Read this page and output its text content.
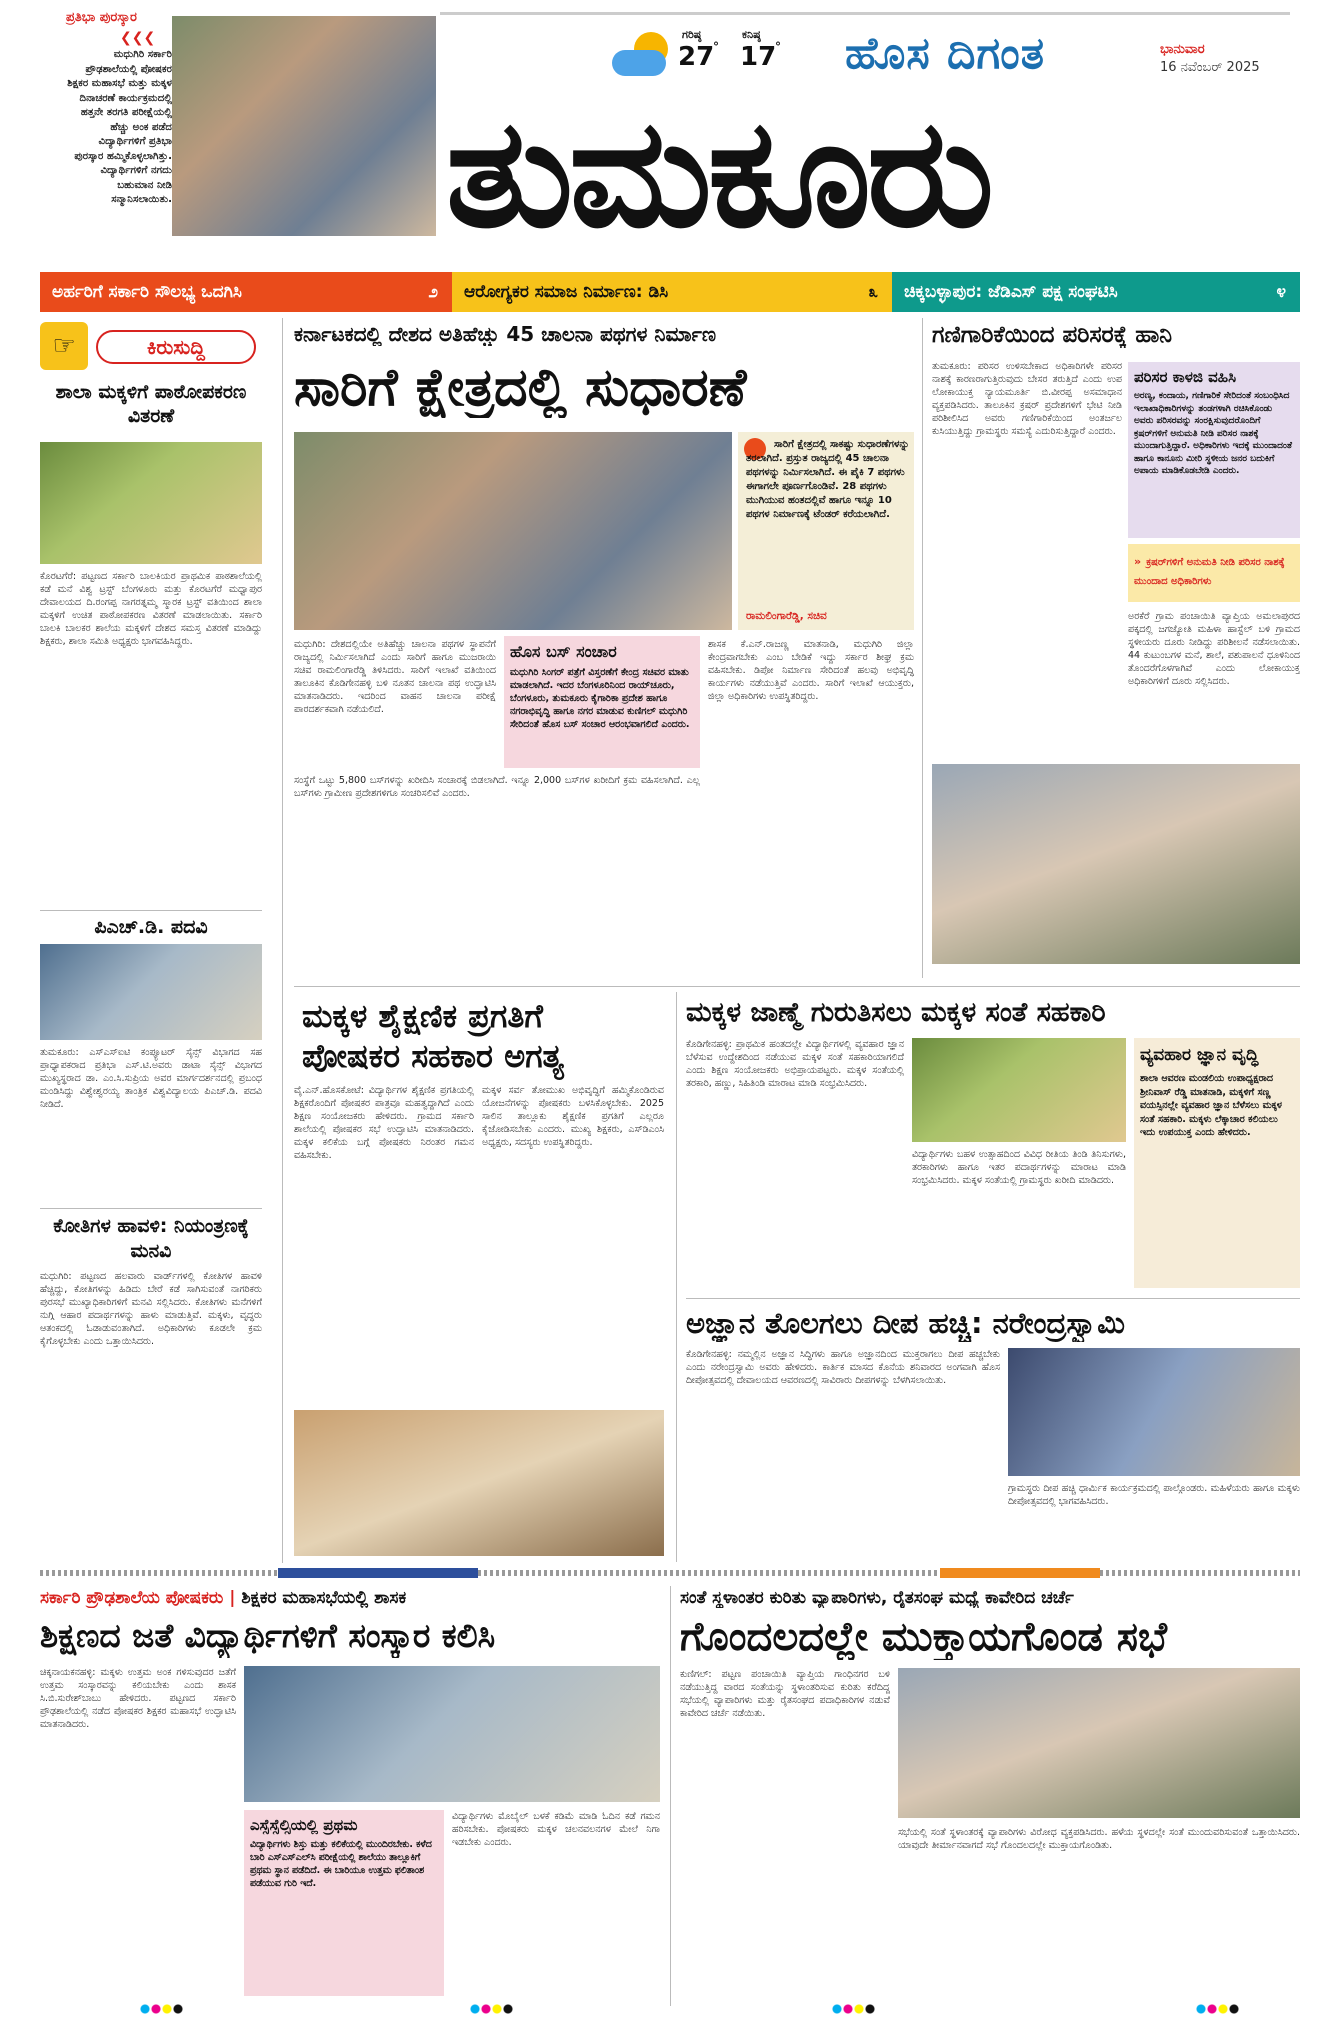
ಪ್ರತಿಭಾ ಪುರಸ್ಕಾರ
❮❮❮
ಮಧುಗಿರಿ ಸರ್ಕಾರಿ ಪ್ರೌಢಶಾಲೆಯಲ್ಲಿ ಪೋಷಕರ ಶಿಕ್ಷಕರ ಮಹಾಸಭೆ ಮತ್ತು ಮಕ್ಕಳ ದಿನಾಚರಣೆ ಕಾರ್ಯಕ್ರಮದಲ್ಲಿ ಹತ್ತನೇ ತರಗತಿ ಪರೀಕ್ಷೆಯಲ್ಲಿ ಹೆಚ್ಚು ಅಂಕ ಪಡೆದ ವಿದ್ಯಾರ್ಥಿಗಳಿಗೆ ಪ್ರತಿಭಾ ಪುರಸ್ಕಾರ ಹಮ್ಮಿಕೊಳ್ಳಲಾಗಿತ್ತು. ವಿದ್ಯಾರ್ಥಿಗಳಿಗೆ ನಗದು ಬಹುಮಾನ ನೀಡಿ ಸನ್ಮಾನಿಸಲಾಯಿತು.
ಗರಿಷ್ಠ
27
°
ಕನಿಷ್ಠ
17
° ಹೊಸ ದಿಗಂತ	ಭಾನುವಾರ
16 ನವೆಂಬರ್ 2025
ತುಮಕೂರು
ಅರ್ಹರಿಗೆ ಸರ್ಕಾರಿ ಸೌಲಭ್ಯ ಒದಗಿಸಿ	೨ ಆರೋಗ್ಯಕರ ಸಮಾಜ ನಿರ್ಮಾಣ: ಡಿಸಿ	೩ ಚಿಕ್ಕಬಳ್ಳಾಪುರ: ಜೆಡಿಎಸ್ ಪಕ್ಷ ಸಂಘಟಿಸಿ	೪
☞	ಕಿರುಸುದ್ದಿ
ಶಾಲಾ ಮಕ್ಕಳಿಗೆ ಪಾಠೋಪಕರಣ ವಿತರಣೆ
ಕೊರಟಗೆರೆ: ಪಟ್ಟಣದ ಸರ್ಕಾರಿ ಬಾಲಕಿಯರ ಪ್ರಾಥಮಿಕ ಪಾಠಶಾಲೆಯಲ್ಲಿ ಕಡೆ ಮನೆ ವಿಶ್ವ ಟ್ರಸ್ಟ್ ಬೆಂಗಳೂರು ಮತ್ತು ಕೊರಟಗೆರೆ ಮಧ್ವಾಪುರ ದೇವಾಲಯದ ದಿ.ರಂಗಪ್ಪ ನಾಗರತ್ನಮ್ಮ ಸ್ಮಾರಕ ಟ್ರಸ್ಟ್ ವತಿಯಿಂದ ಶಾಲಾ ಮಕ್ಕಳಿಗೆ ಉಚಿತ ಪಾಠೋಪಕರಣ ವಿತರಣೆ ಮಾಡಲಾಯಿತು. ಸರ್ಕಾರಿ ಬಾಲಕಿ ಬಾಲಕರ ಶಾಲೆಯ ಮಕ್ಕಳಿಗೆ ದೇಶದ ಸಮಸ್ತ ವಿತರಣೆ ಮಾಡಿದ್ದು ಶಿಕ್ಷಕರು, ಶಾಲಾ ಸಮಿತಿ ಅಧ್ಯಕ್ಷರು ಭಾಗವಹಿಸಿದ್ದರು.
ಪಿಎಚ್.ಡಿ. ಪದವಿ
ತುಮಕೂರು: ಎಸ್‌ಎಸ್‌ಐಟಿ ಕಂಪ್ಯೂಟರ್ ಸೈನ್ಸ್ ವಿಭಾಗದ ಸಹ ಪ್ರಾಧ್ಯಾಪಕರಾದ ಪ್ರತಿಭಾ ಎಸ್.ಟಿ.ಅವರು ಡಾಟಾ ಸೈನ್ಸ್ ವಿಭಾಗದ ಮುಖ್ಯಸ್ಥರಾದ ಡಾ. ಎಂ.ಸಿ.ಸುಪ್ರಿಯ ಅವರ ಮಾರ್ಗದರ್ಶನದಲ್ಲಿ ಪ್ರಬಂಧ ಮಂಡಿಸಿದ್ದು ವಿಶ್ವೇಶ್ವರಯ್ಯ ತಾಂತ್ರಿಕ ವಿಶ್ವವಿದ್ಯಾಲಯ ಪಿಎಚ್.ಡಿ. ಪದವಿ ನೀಡಿದೆ.
ಕೋತಿಗಳ ಹಾವಳಿ: ನಿಯಂತ್ರಣಕ್ಕೆ ಮನವಿ
ಮಧುಗಿರಿ: ಪಟ್ಟಣದ ಹಲವಾರು ವಾರ್ಡ್‌ಗಳಲ್ಲಿ ಕೋತಿಗಳ ಹಾವಳಿ ಹೆಚ್ಚಿದ್ದು, ಕೋತಿಗಳನ್ನು ಹಿಡಿದು ಬೇರೆ ಕಡೆ ಸಾಗಿಸುವಂತೆ ನಾಗರಿಕರು ಪುರಸಭೆ ಮುಖ್ಯಾಧಿಕಾರಿಗಳಿಗೆ ಮನವಿ ಸಲ್ಲಿಸಿದರು. ಕೋತಿಗಳು ಮನೆಗಳಿಗೆ ನುಗ್ಗಿ ಆಹಾರ ಪದಾರ್ಥಗಳನ್ನು ಹಾಳು ಮಾಡುತ್ತಿವೆ. ಮಕ್ಕಳು, ವೃದ್ಧರು ಆತಂಕದಲ್ಲಿ ಓಡಾಡುವಂತಾಗಿದೆ. ಅಧಿಕಾರಿಗಳು ಕೂಡಲೇ ಕ್ರಮ ಕೈಗೊಳ್ಳಬೇಕು ಎಂದು ಒತ್ತಾಯಿಸಿದರು.
ಕರ್ನಾಟಕದಲ್ಲಿ ದೇಶದ ಅತಿಹೆಚ್ಚು 45 ಚಾಲನಾ ಪಥಗಳ ನಿರ್ಮಾಣ
ಸಾರಿಗೆ ಕ್ಷೇತ್ರದಲ್ಲಿ ಸುಧಾರಣೆ
ಸಾರಿಗೆ ಕ್ಷೇತ್ರದಲ್ಲಿ ಸಾಕಷ್ಟು ಸುಧಾರಣೆಗಳನ್ನು ತರಲಾಗಿದೆ. ಪ್ರಸ್ತುತ ರಾಜ್ಯದಲ್ಲಿ 45 ಚಾಲನಾ ಪಥಗಳನ್ನು ನಿರ್ಮಿಸಲಾಗಿದೆ. ಈ ಪೈಕಿ 7 ಪಥಗಳು ಈಗಾಗಲೇ ಪೂರ್ಣಗೊಂಡಿವೆ. 28 ಪಥಗಳು ಮುಗಿಯುವ ಹಂತದಲ್ಲಿವೆ ಹಾಗೂ ಇನ್ನೂ 10 ಪಥಗಳ ನಿರ್ಮಾಣಕ್ಕೆ ಟೆಂಡರ್ ಕರೆಯಲಾಗಿದೆ.
ರಾಮಲಿಂಗಾರೆಡ್ಡಿ, ಸಚಿವ
ಮಧುಗಿರಿ: ದೇಶದಲ್ಲಿಯೇ ಅತಿಹೆಚ್ಚು ಚಾಲನಾ ಪಥಗಳ ಸ್ಥಾಪನೆಗೆ ರಾಜ್ಯದಲ್ಲಿ ನಿರ್ಮಿಸಲಾಗಿದೆ ಎಂದು ಸಾರಿಗೆ ಹಾಗೂ ಮುಜರಾಯಿ ಸಚಿವ ರಾಮಲಿಂಗಾರೆಡ್ಡಿ ತಿಳಿಸಿದರು. ಸಾರಿಗೆ ಇಲಾಖೆ ವತಿಯಿಂದ ತಾಲೂಕಿನ ಕೊಡಿಗೇನಹಳ್ಳಿ ಬಳಿ ನೂತನ ಚಾಲನಾ ಪಥ ಉದ್ಘಾಟಿಸಿ ಮಾತನಾಡಿದರು. ಇದರಿಂದ ವಾಹನ ಚಾಲನಾ ಪರೀಕ್ಷೆ ಪಾರದರ್ಶಕವಾಗಿ ನಡೆಯಲಿದೆ.
ಹೊಸ ಬಸ್ ಸಂಚಾರ
ಮಧುಗಿರಿ ಸಿಂಗರ್ ಪತ್ರೆಗೆ ವಿಸ್ತರಣೆಗೆ ಕೇಂದ್ರ ಸಚಿವರ ಮಾತು ಮಾಡಲಾಗಿದೆ. ಇದರ ಬೆಂಗಳೂರಿನಿಂದ ರಾಯ್‌ಚೂರು, ಬೆಂಗಳೂರು, ತುಮಕೂರು ಕೈಗಾರಿಕಾ ಪ್ರದೇಶ ಹಾಗೂ ನಗರಾಭಿವೃದ್ಧಿ ಹಾಗೂ ನಗರ ಮಾಡುವ ಕುಣಿಗಲ್ ಮಧುಗಿರಿ ಸೇರಿದಂತೆ ಹೊಸ ಬಸ್ ಸಂಚಾರ ಆರಂಭವಾಗಲಿದೆ ಎಂದರು.
ಸಂಸ್ಥೆಗೆ ಒಟ್ಟು 5,800 ಬಸ್‌ಗಳನ್ನು ಖರೀದಿಸಿ ಸಂಚಾರಕ್ಕೆ ಬಿಡಲಾಗಿದೆ. ಇನ್ನೂ 2,000 ಬಸ್‌ಗಳ ಖರೀದಿಗೆ ಕ್ರಮ ವಹಿಸಲಾಗಿದೆ. ಎಲ್ಲ ಬಸ್‌ಗಳು ಗ್ರಾಮೀಣ ಪ್ರದೇಶಗಳಿಗೂ ಸಂಚರಿಸಲಿವೆ ಎಂದರು.
ಶಾಸಕ ಕೆ.ಎನ್.ರಾಜಣ್ಣ ಮಾತನಾಡಿ, ಮಧುಗಿರಿ ಜಿಲ್ಲಾ ಕೇಂದ್ರವಾಗಬೇಕು ಎಂಬ ಬೇಡಿಕೆ ಇದ್ದು ಸರ್ಕಾರ ಶೀಘ್ರ ಕ್ರಮ ವಹಿಸಬೇಕು. ಡಿಪೋ ನಿರ್ಮಾಣ ಸೇರಿದಂತೆ ಹಲವು ಅಭಿವೃದ್ಧಿ ಕಾರ್ಯಗಳು ನಡೆಯುತ್ತಿವೆ ಎಂದರು. ಸಾರಿಗೆ ಇಲಾಖೆ ಆಯುಕ್ತರು, ಜಿಲ್ಲಾ ಅಧಿಕಾರಿಗಳು ಉಪಸ್ಥಿತರಿದ್ದರು.
ಗಣಿಗಾರಿಕೆಯಿಂದ ಪರಿಸರಕ್ಕೆ ಹಾನಿ
ತುಮಕೂರು: ಪರಿಸರ ಉಳಿಸಬೇಕಾದ ಅಧಿಕಾರಿಗಳೇ ಪರಿಸರ ನಾಶಕ್ಕೆ ಕಾರಣರಾಗುತ್ತಿರುವುದು ಬೇಸರ ತರುತ್ತಿದೆ ಎಂದು ಉಪ ಲೋಕಾಯುಕ್ತ ನ್ಯಾಯಮೂರ್ತಿ ಬಿ.ವೀರಪ್ಪ ಅಸಮಾಧಾನ ವ್ಯಕ್ತಪಡಿಸಿದರು. ತಾಲೂಕಿನ ಕ್ರಷರ್ ಪ್ರದೇಶಗಳಿಗೆ ಭೇಟಿ ನೀಡಿ ಪರಿಶೀಲಿಸಿದ ಅವರು ಗಣಿಗಾರಿಕೆಯಿಂದ ಅಂತರ್ಜಲ ಕುಸಿಯುತ್ತಿದ್ದು ಗ್ರಾಮಸ್ಥರು ಸಮಸ್ಯೆ ಎದುರಿಸುತ್ತಿದ್ದಾರೆ ಎಂದರು.
ಪರಿಸರ ಕಾಳಜಿ ವಹಿಸಿ
ಅರಣ್ಯ, ಕಂದಾಯ, ಗಣಿಗಾರಿಕೆ ಸೇರಿದಂತೆ ಸಂಬಂಧಿಸಿದ ಇಲಾಖಾಧಿಕಾರಿಗಳನ್ನು ತಂಡಗಳಾಗಿ ರಚಿಸಿಕೊಂಡು ಅವರು ಪರಿಸರವನ್ನು ಸಂರಕ್ಷಿಸುವುದರೊಂದಿಗೆ ಕ್ರಷರ್‌ಗಳಿಗೆ ಅನುಮತಿ ನೀಡಿ ಪರಿಸರ ನಾಶಕ್ಕೆ ಮುಂದಾಗುತ್ತಿದ್ದಾರೆ. ಅಧಿಕಾರಿಗಳು ಇದಕ್ಕೆ ಮುಂದಾದಂತೆ ಹಾಗೂ ಕಾನೂನು ಮೀರಿ ಸ್ಥಳೀಯ ಜನರ ಬದುಕಿಗೆ ಅಪಾಯ ಮಾಡಿಕೊಡಬೇಡಿ ಎಂದರು.
» ಕ್ರಷರ್‌ಗಳಿಗೆ ಅನುಮತಿ ನೀಡಿ ಪರಿಸರ ನಾಶಕ್ಕೆ ಮುಂದಾದ ಅಧಿಕಾರಿಗಳು
ಅರಕೆರೆ ಗ್ರಾಮ ಪಂಚಾಯಿತಿ ವ್ಯಾಪ್ತಿಯ ಅಮಲಾಪುರದ ಪಕ್ಕದಲ್ಲಿ ಜಗಜ್ಯೋತಿ ಮಹಿಳಾ ಹಾಸ್ಟೆಲ್ ಬಳಿ ಗ್ರಾಮದ ಸ್ಥಳೀಯರು ದೂರು ನೀಡಿದ್ದು ಪರಿಶೀಲನೆ ನಡೆಸಲಾಯಿತು. 44 ಕುಟುಂಬಗಳ ಮನೆ, ಶಾಲೆ, ಪಶುಪಾಲನೆ ಧೂಳಿನಿಂದ ತೊಂದರೆಗೊಳಗಾಗಿವೆ ಎಂದು ಲೋಕಾಯುಕ್ತ ಅಧಿಕಾರಿಗಳಿಗೆ ದೂರು ಸಲ್ಲಿಸಿದರು.
ಮಕ್ಕಳ ಶೈಕ್ಷಣಿಕ ಪ್ರಗತಿಗೆ
ಪೋಷಕರ ಸಹಕಾರ ಅಗತ್ಯ
ವೈ.ಎನ್.ಹೊಸಕೋಟೆ: ವಿದ್ಯಾರ್ಥಿಗಳ ಶೈಕ್ಷಣಿಕ ಪ್ರಗತಿಯಲ್ಲಿ ಶಿಕ್ಷಕರೊಂದಿಗೆ ಪೋಷಕರ ಪಾತ್ರವೂ ಮಹತ್ವದ್ದಾಗಿದೆ ಎಂದು ಶಿಕ್ಷಣ ಸಂಯೋಜಕರು ಹೇಳಿದರು. ಗ್ರಾಮದ ಸರ್ಕಾರಿ ಶಾಲೆಯಲ್ಲಿ ಪೋಷಕರ ಸಭೆ ಉದ್ಘಾಟಿಸಿ ಮಾತನಾಡಿದರು. ಮಕ್ಕಳ ಕಲಿಕೆಯ ಬಗ್ಗೆ ಪೋಷಕರು ನಿರಂತರ ಗಮನ ವಹಿಸಬೇಕು.
ಮಕ್ಕಳ ಸರ್ವ ತೋಮುಖ ಅಭಿವೃದ್ಧಿಗೆ ಹಮ್ಮಿಕೊಂಡಿರುವ ಯೋಜನೆಗಳನ್ನು ಪೋಷಕರು ಬಳಸಿಕೊಳ್ಳಬೇಕು. 2025 ಸಾಲಿನ ತಾಲ್ಲೂಕು ಶೈಕ್ಷಣಿಕ ಪ್ರಗತಿಗೆ ಎಲ್ಲರೂ ಕೈಜೋಡಿಸಬೇಕು ಎಂದರು. ಮುಖ್ಯ ಶಿಕ್ಷಕರು, ಎಸ್‌ಡಿಎಂಸಿ ಅಧ್ಯಕ್ಷರು, ಸದಸ್ಯರು ಉಪಸ್ಥಿತರಿದ್ದರು.
ಮಕ್ಕಳ ಜಾಣ್ಮೆ ಗುರುತಿಸಲು ಮಕ್ಕಳ ಸಂತೆ ಸಹಕಾರಿ
ಕೊಡಿಗೇನಹಳ್ಳಿ: ಪ್ರಾಥಮಿಕ ಹಂತದಲ್ಲೇ ವಿದ್ಯಾರ್ಥಿಗಳಲ್ಲಿ ವ್ಯವಹಾರ ಜ್ಞಾನ ಬೆಳೆಸುವ ಉದ್ದೇಶದಿಂದ ನಡೆಯುವ ಮಕ್ಕಳ ಸಂತೆ ಸಹಕಾರಿಯಾಗಲಿದೆ ಎಂದು ಶಿಕ್ಷಣ ಸಂಯೋಜಕರು ಅಭಿಪ್ರಾಯಪಟ್ಟರು. ಮಕ್ಕಳ ಸಂತೆಯಲ್ಲಿ ತರಕಾರಿ, ಹಣ್ಣು, ಸಿಹಿತಿಂಡಿ ಮಾರಾಟ ಮಾಡಿ ಸಂಭ್ರಮಿಸಿದರು.
ವಿದ್ಯಾರ್ಥಿಗಳು ಬಹಳ ಉತ್ಸಾಹದಿಂದ ವಿವಿಧ ರೀತಿಯ ತಿಂಡಿ ತಿನಿಸುಗಳು, ತರಕಾರಿಗಳು ಹಾಗೂ ಇತರ ಪದಾರ್ಥಗಳನ್ನು ಮಾರಾಟ ಮಾಡಿ ಸಂಭ್ರಮಿಸಿದರು. ಮಕ್ಕಳ ಸಂತೆಯಲ್ಲಿ ಗ್ರಾಮಸ್ಥರು ಖರೀದಿ ಮಾಡಿದರು.
ವ್ಯವಹಾರ ಜ್ಞಾನ ವೃದ್ಧಿ
ಶಾಲಾ ಆವರಣ ಮಂಡಲಿಯ ಉಪಾಧ್ಯಕ್ಷರಾದ ಶ್ರೀನಿವಾಸ್ ರೆಡ್ಡಿ ಮಾತನಾಡಿ, ಮಕ್ಕಳಿಗೆ ಸಣ್ಣ ವಯಸ್ಸಿನಲ್ಲೇ ವ್ಯವಹಾರ ಜ್ಞಾನ ಬೆಳೆಸಲು ಮಕ್ಕಳ ಸಂತೆ ಸಹಕಾರಿ. ಮಕ್ಕಳು ಲೆಕ್ಕಾಚಾರ ಕಲಿಯಲು ಇದು ಉಪಯುಕ್ತ ಎಂದು ಹೇಳಿದರು.
ಅಜ್ಞಾನ ತೊಲಗಲು ದೀಪ ಹಚ್ಚಿ: ನರೇಂದ್ರಸ್ವಾಮಿ
ಕೊಡಿಗೇನಹಳ್ಳಿ: ನಮ್ಮಲ್ಲಿನ ಅಜ್ಞಾನ ಸಿದ್ಧಿಗಳು ಹಾಗೂ ಅಜ್ಞಾನದಿಂದ ಮುಕ್ತರಾಗಲು ದೀಪ ಹಚ್ಚಬೇಕು ಎಂದು ನರೇಂದ್ರಸ್ವಾಮಿ ಅವರು ಹೇಳಿದರು. ಕಾರ್ತಿಕ ಮಾಸದ ಕೊನೆಯ ಶನಿವಾರದ ಅಂಗವಾಗಿ ಹೊಸ ದೀಪೋತ್ಸವದಲ್ಲಿ ದೇವಾಲಯದ ಆವರಣದಲ್ಲಿ ಸಾವಿರಾರು ದೀಪಗಳನ್ನು ಬೆಳಗಿಸಲಾಯಿತು.
ಗ್ರಾಮಸ್ಥರು ದೀಪ ಹಚ್ಚಿ ಧಾರ್ಮಿಕ ಕಾರ್ಯಕ್ರಮದಲ್ಲಿ ಪಾಲ್ಗೊಂಡರು. ಮಹಿಳೆಯರು ಹಾಗೂ ಮಕ್ಕಳು ದೀಪೋತ್ಸವದಲ್ಲಿ ಭಾಗವಹಿಸಿದರು.
ಸರ್ಕಾರಿ ಪ್ರೌಢಶಾಲೆಯ ಪೋಷಕರು | ಶಿಕ್ಷಕರ ಮಹಾಸಭೆಯಲ್ಲಿ ಶಾಸಕ
ಶಿಕ್ಷಣದ ಜತೆ ವಿದ್ಯಾರ್ಥಿಗಳಿಗೆ ಸಂಸ್ಕಾರ ಕಲಿಸಿ
ಚಿಕ್ಕನಾಯಕನಹಳ್ಳಿ: ಮಕ್ಕಳು ಉತ್ತಮ ಅಂಕ ಗಳಿಸುವುದರ ಜತೆಗೆ ಉತ್ತಮ ಸಂಸ್ಕಾರವನ್ನು ಕಲಿಯಬೇಕು ಎಂದು ಶಾಸಕ ಸಿ.ಬಿ.ಸುರೇಶ್‌ಬಾಬು ಹೇಳಿದರು. ಪಟ್ಟಣದ ಸರ್ಕಾರಿ ಪ್ರೌಢಶಾಲೆಯಲ್ಲಿ ನಡೆದ ಪೋಷಕರ ಶಿಕ್ಷಕರ ಮಹಾಸಭೆ ಉದ್ಘಾಟಿಸಿ ಮಾತನಾಡಿದರು.
ಎಸ್ಸೆಸ್ಸೆಲ್ಸಿಯಲ್ಲಿ ಪ್ರಥಮ
ವಿದ್ಯಾರ್ಥಿಗಳು ಶಿಸ್ತು ಮತ್ತು ಕಲಿಕೆಯಲ್ಲಿ ಮುಂದಿರಬೇಕು. ಕಳೆದ ಬಾರಿ ಎಸ್‌ಎಸ್‌ಎಲ್‌ಸಿ ಪರೀಕ್ಷೆಯಲ್ಲಿ ಶಾಲೆಯು ತಾಲ್ಲೂಕಿಗೆ ಪ್ರಥಮ ಸ್ಥಾನ ಪಡೆದಿದೆ. ಈ ಬಾರಿಯೂ ಉತ್ತಮ ಫಲಿತಾಂಶ ಪಡೆಯುವ ಗುರಿ ಇದೆ.
ವಿದ್ಯಾರ್ಥಿಗಳು ಮೊಬೈಲ್ ಬಳಕೆ ಕಡಿಮೆ ಮಾಡಿ ಓದಿನ ಕಡೆ ಗಮನ ಹರಿಸಬೇಕು. ಪೋಷಕರು ಮಕ್ಕಳ ಚಲನವಲನಗಳ ಮೇಲೆ ನಿಗಾ ಇಡಬೇಕು ಎಂದರು.
ಸಂತೆ ಸ್ಥಳಾಂತರ ಕುರಿತು ವ್ಯಾಪಾರಿಗಳು, ರೈತಸಂಘ ಮಧ್ಯೆ ಕಾವೇರಿದ ಚರ್ಚೆ
ಗೊಂದಲದಲ್ಲೇ ಮುಕ್ತಾಯಗೊಂಡ ಸಭೆ
ಕುಣಿಗಲ್: ಪಟ್ಟಣ ಪಂಚಾಯಿತಿ ವ್ಯಾಪ್ತಿಯ ಗಾಂಧಿನಗರ ಬಳಿ ನಡೆಯುತ್ತಿದ್ದ ವಾರದ ಸಂತೆಯನ್ನು ಸ್ಥಳಾಂತರಿಸುವ ಕುರಿತು ಕರೆದಿದ್ದ ಸಭೆಯಲ್ಲಿ ವ್ಯಾಪಾರಿಗಳು ಮತ್ತು ರೈತಸಂಘದ ಪದಾಧಿಕಾರಿಗಳ ನಡುವೆ ಕಾವೇರಿದ ಚರ್ಚೆ ನಡೆಯಿತು.
ಸಭೆಯಲ್ಲಿ ಸಂತೆ ಸ್ಥಳಾಂತರಕ್ಕೆ ವ್ಯಾಪಾರಿಗಳು ವಿರೋಧ ವ್ಯಕ್ತಪಡಿಸಿದರು. ಹಳೆಯ ಸ್ಥಳದಲ್ಲೇ ಸಂತೆ ಮುಂದುವರಿಸುವಂತೆ ಒತ್ತಾಯಿಸಿದರು. ಯಾವುದೇ ತೀರ್ಮಾನವಾಗದೆ ಸಭೆ ಗೊಂದಲದಲ್ಲೇ ಮುಕ್ತಾಯಗೊಂಡಿತು.
